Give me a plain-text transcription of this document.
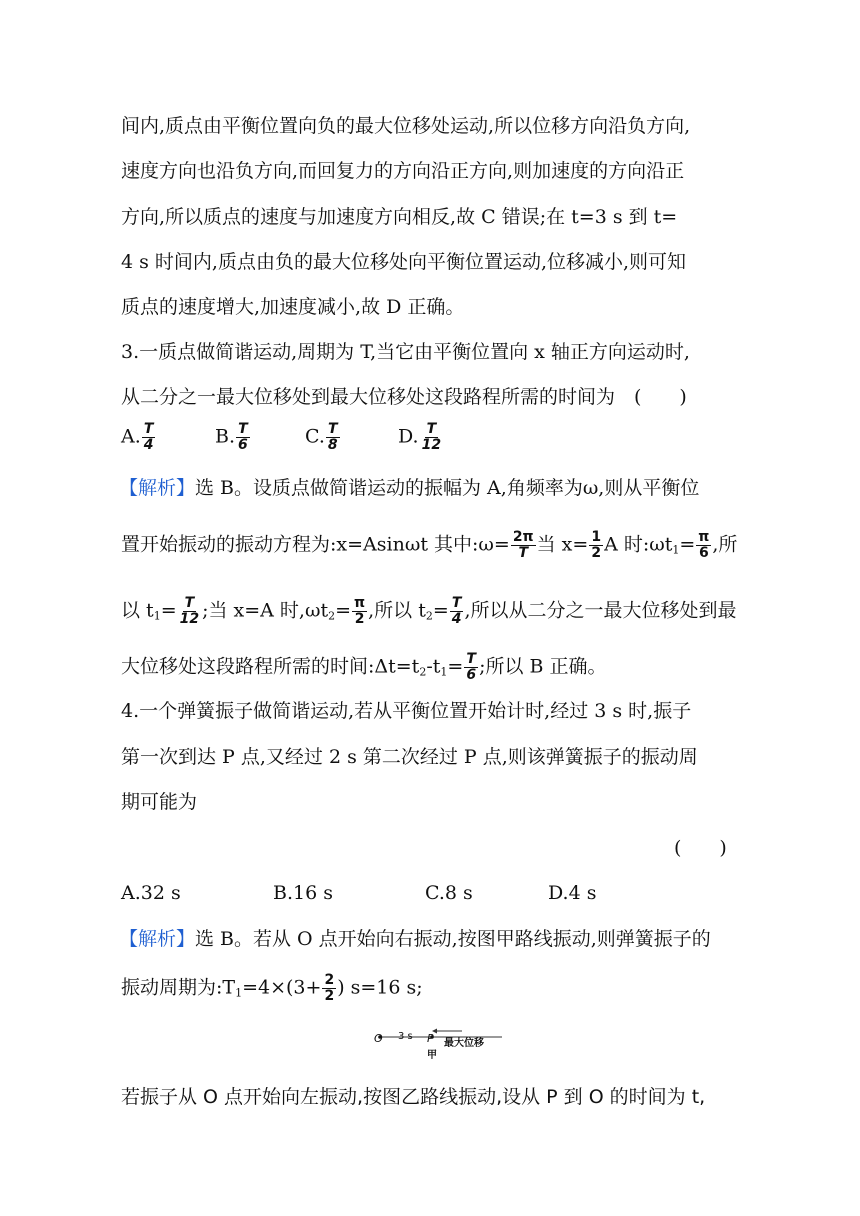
间内,质点由平衡位置向负的最大位移处运动,所以位移方向沿负方向,
速度方向也沿负方向,而回复力的方向沿正方向,则加速度的方向沿正
方向,所以质点的速度与加速度方向相反,故 C 错误;在 t=3 s 到 t=
4 s 时间内,质点由负的最大位移处向平衡位置运动,位移减小,则可知
质点的速度增大,加速度减小,故 D 正确。
3.一质点做简谐运动,周期为 T,当它由平衡位置向 x 轴正方向运动时,
从二分之一最大位移处到最大位移处这段路程所需的时间为　(　　)
A. $\frac{T}{4}$	B. $\frac{T}{6}$	C. $\frac{T}{8}$	D. $\frac{T}{12}$
【解析】选 B。设质点做简谐运动的振幅为 A,角频率为ω,则从平衡位
置开始振动的振动方程为:x=Asinωt 其中:ω= $\frac{2\pi}{T}$ 当 $x= \frac{1}{2}$ A 时$:\omega t_1= \frac{\pi}{6}$ ,所
以 $t_1= \frac{T}{12}$ ;当 x=A 时$,\omega t_2= \frac{\pi}{2}$ ,所以 $t_2= \frac{T}{4}$ ,所以从二分之一最大位移处到最
大位移处这段路程所需的时间$:\Delta t=t_2-t_1= \frac{T}{6}$ ;所以 B 正确。
4.一个弹簧振子做简谐运动,若从平衡位置开始计时,经过 3 s 时,振子
第一次到达 P 点,又经过 2 s 第二次经过 P 点,则该弹簧振子的振动周
期可能为
(　　)
A.32 s	B.16 s	C.8 s	D.4 s
【解析】选 B。若从 O 点开始向右振动,按图甲路线振动,则弹簧振子的
振动周期为$:T_1=4\times(3+ \frac{2}{2}$ ) s=16 s;
O 3 s P 最大位移
甲
若振子从 O 点开始向左振动,按图乙路线振动,设从 P 到 O 的时间为 t,
